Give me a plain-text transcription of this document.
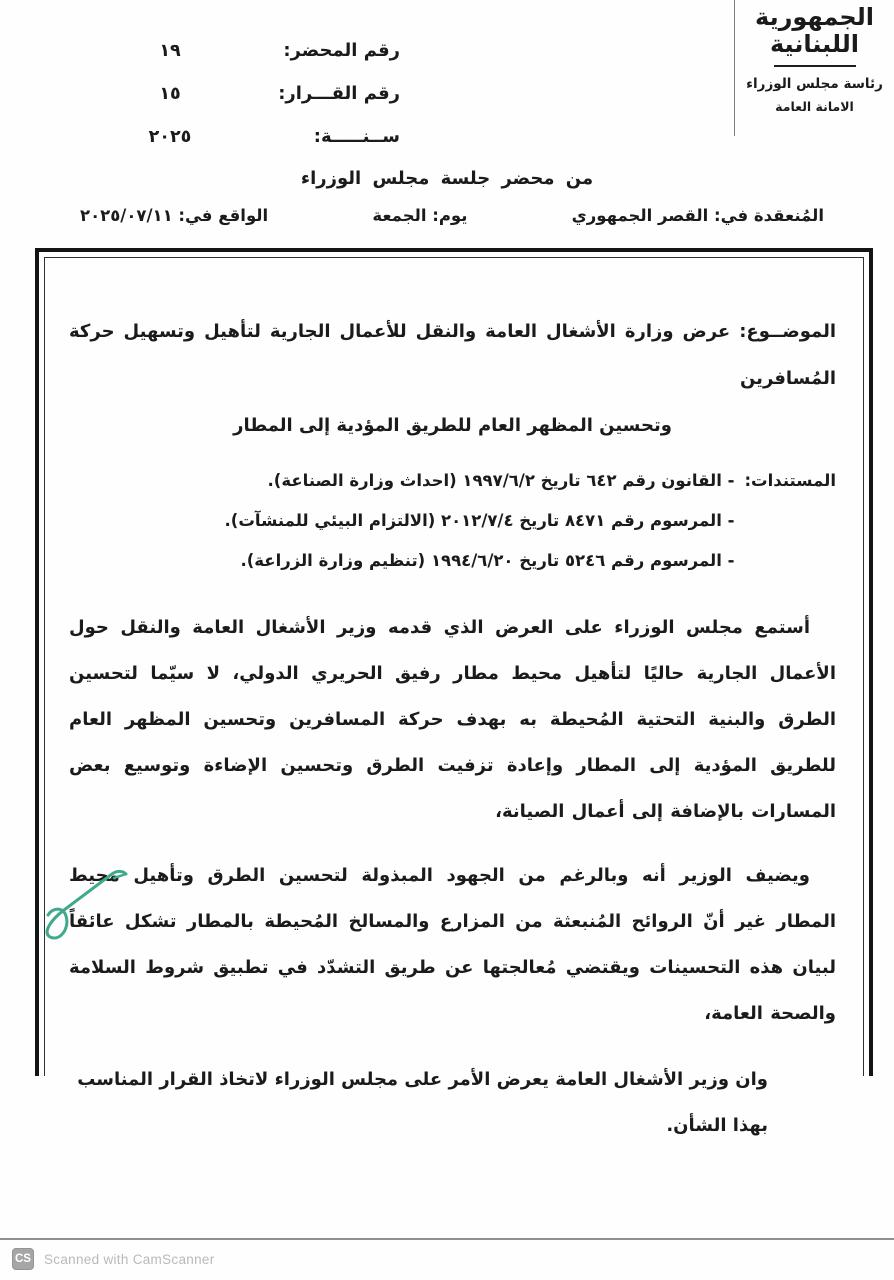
الجمهورية
اللبنانية
رئاسة مجلس الوزراء
الامانة العامة
رقم المحضر:
١٩
رقم القـــرار:
١٥
ســنـــــة:
٢٠٢٥
من محضر جلسة مجلس الوزراء
المُنعقدة في: القصر الجمهوري
يوم: الجمعة
الواقع في: ٢٠٢٥/٠٧/١١
الموضــوع: عرض وزارة الأشغال العامة والنقل للأعمال الجارية لتأهيل وتسهيل حركة المُسافرين
وتحسين المظهر العام للطريق المؤدية إلى المطار
المستندات:
- القانون رقم ٦٤٢ تاريخ ١٩٩٧/٦/٢ (احداث وزارة الصناعة).
- المرسوم رقم ٨٤٧١ تاريخ ٢٠١٢/٧/٤ (الالتزام البيئي للمنشآت).
- المرسوم رقم ٥٢٤٦ تاريخ ١٩٩٤/٦/٢٠ (تنظيم وزارة الزراعة).
أستمع مجلس الوزراء على العرض الذي قدمه وزير الأشغال العامة والنقل حول الأعمال الجارية حاليًا لتأهيل محيط مطار رفيق الحريري الدولي، لا سيّما لتحسين الطرق والبنية التحتية المُحيطة به بهدف حركة المسافرين وتحسين المظهر العام للطريق المؤدية إلى المطار وإعادة تزفيت الطرق وتحسين الإضاءة وتوسيع بعض المسارات بالإضافة إلى أعمال الصيانة،
ويضيف الوزير أنه وبالرغم من الجهود المبذولة لتحسين الطرق وتأهيل محيط المطار غير أنّ الروائح المُنبعثة من المزارع والمسالخ المُحيطة بالمطار تشكل عائقاً لبيان هذه التحسينات ويقتضي مُعالجتها عن طريق التشدّد في تطبيق شروط السلامة والصحة العامة،
وان وزير الأشغال العامة يعرض الأمر على مجلس الوزراء لاتخاذ القرار المناسب بهذا الشأن.
CS Scanned with CamScanner
